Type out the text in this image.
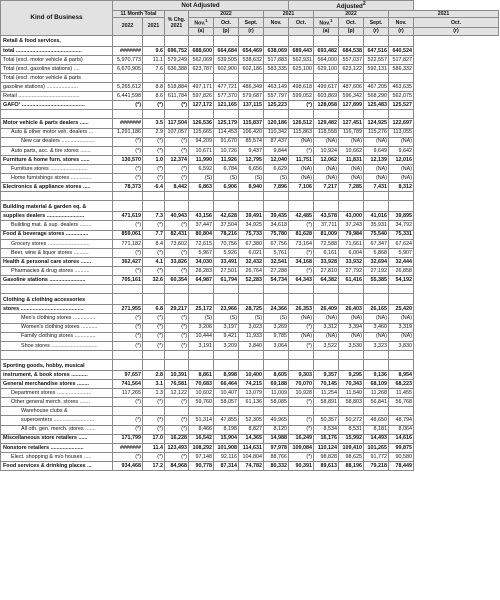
Kind of Business	Not Adjusted							Adjusted$^2$
	11 Month Total		% Chg.
2021	2022			2021		2022			2021	
	2022	2021		Nov.$^1$	Oct.	Sept.	Nov.	Oct.	Nov.$^1$	Oct.	Sept.	Nov.	Oct.
				(a)	(p)	(r)			(a)	(p)	(r)	(r)	(r)
Retail & food services,													
total ............................................	#######		9.6	696,752	688,600	664,684	654,469	638,069	689,443	693,482	684,538	647,516	640,524	
Total (excl. motor vehicle & parts)	5,970,773		11.1	579,249	562,069	539,505	538,632	517,883	562,931	564,000	557,037	522,557	517,827	
Total (excl. gasoline stations) ....	6,670,905		7.6	636,388	623,787	602,900	602,186	583,335	625,100	629,100	623,122	592,131	586,332	
Total (excl. motor vehicle & parts													
gasoline stations) .....................	5,265,612		8.8	518,884	497,171	477,721	486,349	463,149	498,618	499,617	487,606	467,205	463,635	
Retail .........................................	6,441,598		8.6	611,784	597,826	577,370	579,687	557,797	599,052	603,869	596,342	568,290	562,075	
GAFO¹ ..........................................	(*)		(*)	(*)	127,172	121,165	137,115	125,223	(*)	128,058	127,899	125,483	125,527	

Motor vehicle & parts dealers ......	#######		3.5	117,504	126,536	125,179	115,837	120,186	126,512	129,482	127,451	124,925	122,697	
Auto & other motor veh. dealers ...	1,291,186		2.9	107,057	115,665	114,453	106,420	110,342	115,863	118,558	116,789	115,276	113,055	
New car dealers ......................	(*)		(*)	(*)	94,209	91,670	85,574	87,437	(NA)	(NA)	(NA)	(NA)	(NA)	
Auto parts, acc. & tire stores .......	(*)		(*)	(*)	10,671	10,726	9,437	9,844	(*)	10,924	10,662	9,649	9,642	
Furniture & home furn. stores ......	130,570		1.0	12,374	11,990	11,926	12,795	12,040	11,751	12,062	11,831	12,139	12,016	
Furniture stores .........................	(*)		(*)	(*)	6,592	6,784	6,656	6,629	(NA)	(NA)	(NA)	(NA)	(NA)	
Home furnishings stores ..............	(*)		(*)	(*)	(S)	(S)	(S)	(S)	(NA)	(NA)	(NA)	(NA)	(NA)	
Electronics & appliance stores .....	78,373		-6.4	8,442	6,863	6,906	8,940	7,896	7,106	7,217	7,285	7,431	8,312	

Building material & garden eq. &													
supplies dealers .........................	471,619		7.3	40,943	43,156	42,628	39,491	39,435	42,485	43,578	43,000	41,016	39,895	
Building mat. & sup. dealers ........	(*)		(*)	(*)	37,447	37,504	34,925	34,618	(*)	37,711	37,243	35,931	34,792	
Food & beverage stores ...............	859,061		7.7	82,431	80,804	78,216	75,733	75,780	81,628	81,009	79,984	75,540	75,331	
Grocery stores ............................	771,182		8.4	73,602	72,615	70,756	67,380	67,756	73,164	72,588	71,661	67,347	67,624	
Beer, wine & liquor stores ..........	(*)		(*)	(*)	5,967	5,926	6,021	5,761	(*)	6,161	6,004	5,868	5,907	
Health & personal care stores .......	362,427		4.1	33,826	34,030	33,491	32,432	32,541	34,168	33,928	33,932	32,694	32,444	
Pharmacies & drug stores ..........	(*)		(*)	(*)	28,283	27,501	26,764	27,288	(*)	27,810	27,792	27,192	26,858	
Gasoline stations ........................	705,161		32.6	60,354	64,987	61,794	52,283	54,734	64,343	64,382	61,416	55,385	54,192	

Clothing & clothing accessories													
stores ..........................................	271,955		6.8	29,217	25,172	23,966	28,725	24,366	26,353	26,409	26,403	26,165	25,420	
Men's clothing stores ...............	(*)		(*)	(*)	(S)	(S)	(S)	(S)	(NA)	(NA)	(NA)	(NA)	(NA)	
Women's clothing stores ...........	(*)		(*)	(*)	3,206	3,197	3,023	3,269	(*)	3,312	3,394	3,460	3,319	
Family clothing stores ..............	(*)		(*)	(*)	10,444	9,421	11,933	9,785	(NA)	(NA)	(NA)	(NA)	(NA)	
Shoe stores ...............................	(*)		(*)	(*)	3,191	3,209	3,840	3,064	(*)	3,522	3,530	3,323	3,830	

Sporting goods, hobby, musical													
instrument, & book stores ...........	97,657		2.8	10,391	8,861	8,998	10,400	8,605	9,303	9,357	9,295	9,136	8,954	
General merchandise stores ........	741,564		3.1	76,581	70,683	66,464	74,215	69,188	70,070	70,145	70,343	68,109	68,223	
Department stores .......................	117,265		1.3	12,122	10,602	10,407	13,079	11,009	10,928	11,254	11,540	11,268	11,455	
Other general merch. stores .......	(*)		(*)	(*)	59,760	58,057	61,136	58,085	(*)	58,891	58,803	56,841	56,768	
Warehouse clubs &													
supercenters ...........................	(*)		(*)	(*)	51,314	47,855	52,305	49,965	(*)	50,357	50,272	48,650	48,794	
All oth. gen. merch. stores .......	(*)		(*)	(*)	8,466	8,198	8,827	8,120	(*)	8,534	8,531	8,181	8,064	
Miscellaneous store retailers ......	171,799		17.0	16,228	16,542	15,904	14,365	14,988	16,249	16,176	15,992	14,493	14,616	
Nonstore retailers ......................	#######		11.4	123,493	108,292	101,908	114,631	97,978	109,084	110,124	109,410	101,265	99,875	
Elect. shopping & m/o houses .....	(*)		(*)	(*)	97,148	92,116	104,804	88,766	(*)	98,828	98,625	91,772	90,580	
Food services & drinking places ...	934,468		17.2	84,968	90,778	87,314	74,782	80,332	90,391	89,613	88,196	79,218	78,449	
